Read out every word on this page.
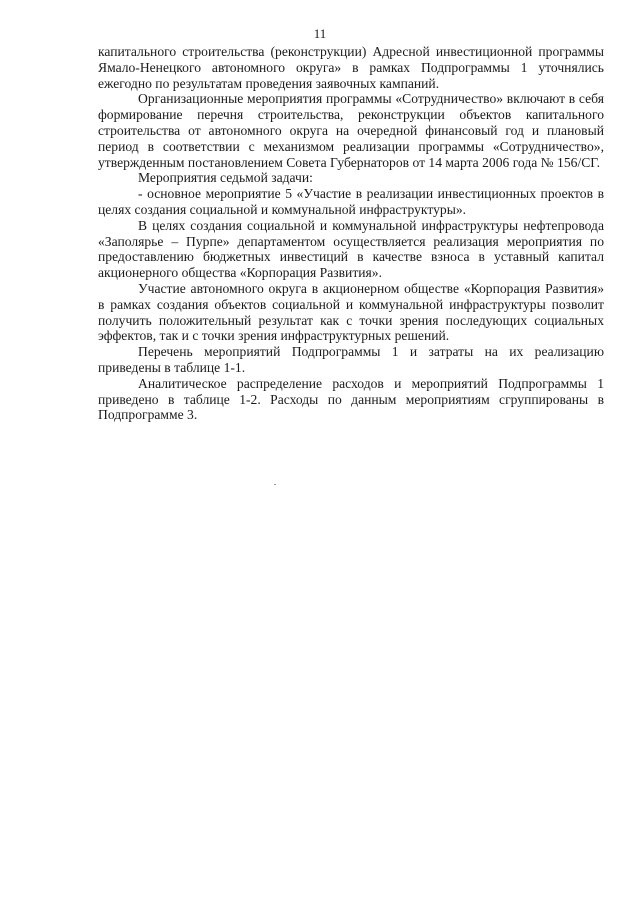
11

капитального строительства (реконструкции) Адресной инвестиционной программы Ямало-Ненецкого автономного округа» в рамках Подпрограммы 1 уточнялись ежегодно по результатам проведения заявочных кампаний.

Организационные мероприятия программы «Сотрудничество» включают в себя формирование перечня строительства, реконструкции объектов капитального строительства от автономного округа на очередной финансовый год и плановый период в соответствии с механизмом реализации программы «Сотрудничество», утвержденным постановлением Совета Губернаторов от 14 марта 2006 года № 156/СГ.

Мероприятия седьмой задачи:

- основное мероприятие 5 «Участие в реализации инвестиционных проектов в целях создания социальной и коммунальной инфраструктуры».

В целях создания социальной и коммунальной инфраструктуры нефтепровода «Заполярье – Пурпе» департаментом осуществляется реализация мероприятия по предоставлению бюджетных инвестиций в качестве взноса в уставный капитал акционерного общества «Корпорация Развития».

Участие автономного округа в акционерном обществе «Корпорация Развития» в рамках создания объектов социальной и коммунальной инфраструктуры позволит получить положительный результат как с точки зрения последующих социальных эффектов, так и с точки зрения инфраструктурных решений.

Перечень мероприятий Подпрограммы 1 и затраты на их реализацию приведены в таблице 1-1.

Аналитическое распределение расходов и мероприятий Подпрограммы 1 приведено в таблице 1-2. Расходы по данным мероприятиям сгруппированы в Подпрограмме 3.
